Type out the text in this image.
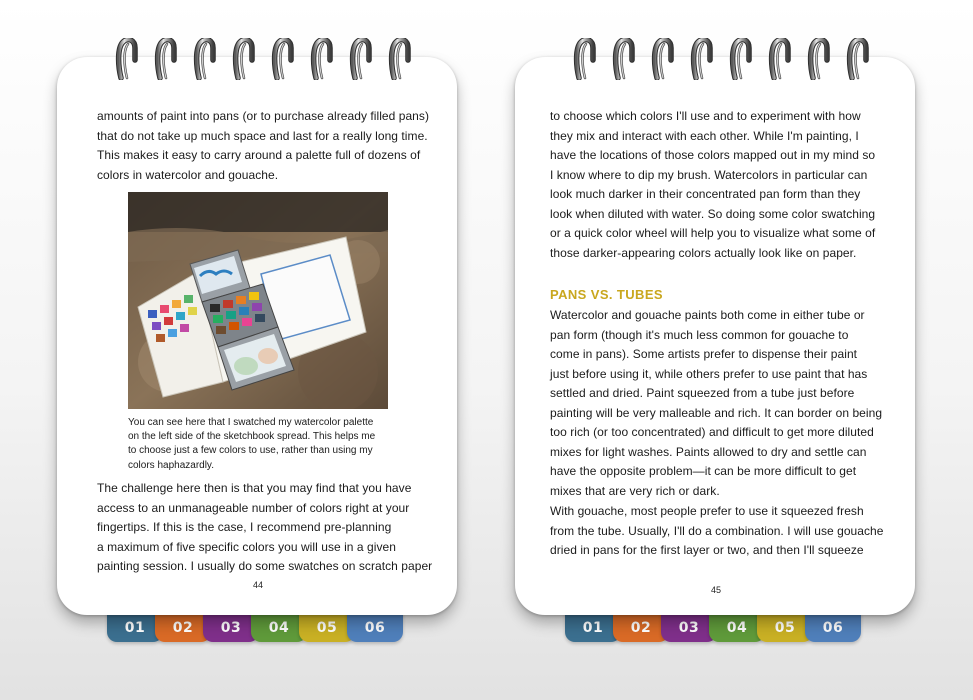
01	02	03	04	05	06
amounts of paint into pans (or to purchase already filled pans)
that do not take up much space and last for a really long time.
This makes it easy to carry around a palette full of dozens of
colors in watercolor and gouache.
You can see here that I swatched my watercolor palette
on the left side of the sketchbook spread. This helps me
to choose just a few colors to use, rather than using my
colors haphazardly.
The challenge here then is that you may find that you have
access to an unmanageable number of colors right at your
fingertips. If this is the case, I recommend pre-planning
a maximum of five specific colors you will use in a given
painting session. I usually do some swatches on scratch paper
44
01	02	03	04	05	06
to choose which colors I'll use and to experiment with how
they mix and interact with each other. While I'm painting, I
have the locations of those colors mapped out in my mind so
I know where to dip my brush. Watercolors in particular can
look much darker in their concentrated pan form than they
look when diluted with water. So doing some color swatching
or a quick color wheel will help you to visualize what some of
those darker-appearing colors actually look like on paper.
PANS VS. TUBES
Watercolor and gouache paints both come in either tube or
pan form (though it's much less common for gouache to
come in pans). Some artists prefer to dispense their paint
just before using it, while others prefer to use paint that has
settled and dried. Paint squeezed from a tube just before
painting will be very malleable and rich. It can border on being
too rich (or too concentrated) and difficult to get more diluted
mixes for light washes. Paints allowed to dry and settle can
have the opposite problem—it can be more difficult to get
mixes that are very rich or dark.
With gouache, most people prefer to use it squeezed fresh
from the tube. Usually, I'll do a combination. I will use gouache
dried in pans for the first layer or two, and then I'll squeeze
45
